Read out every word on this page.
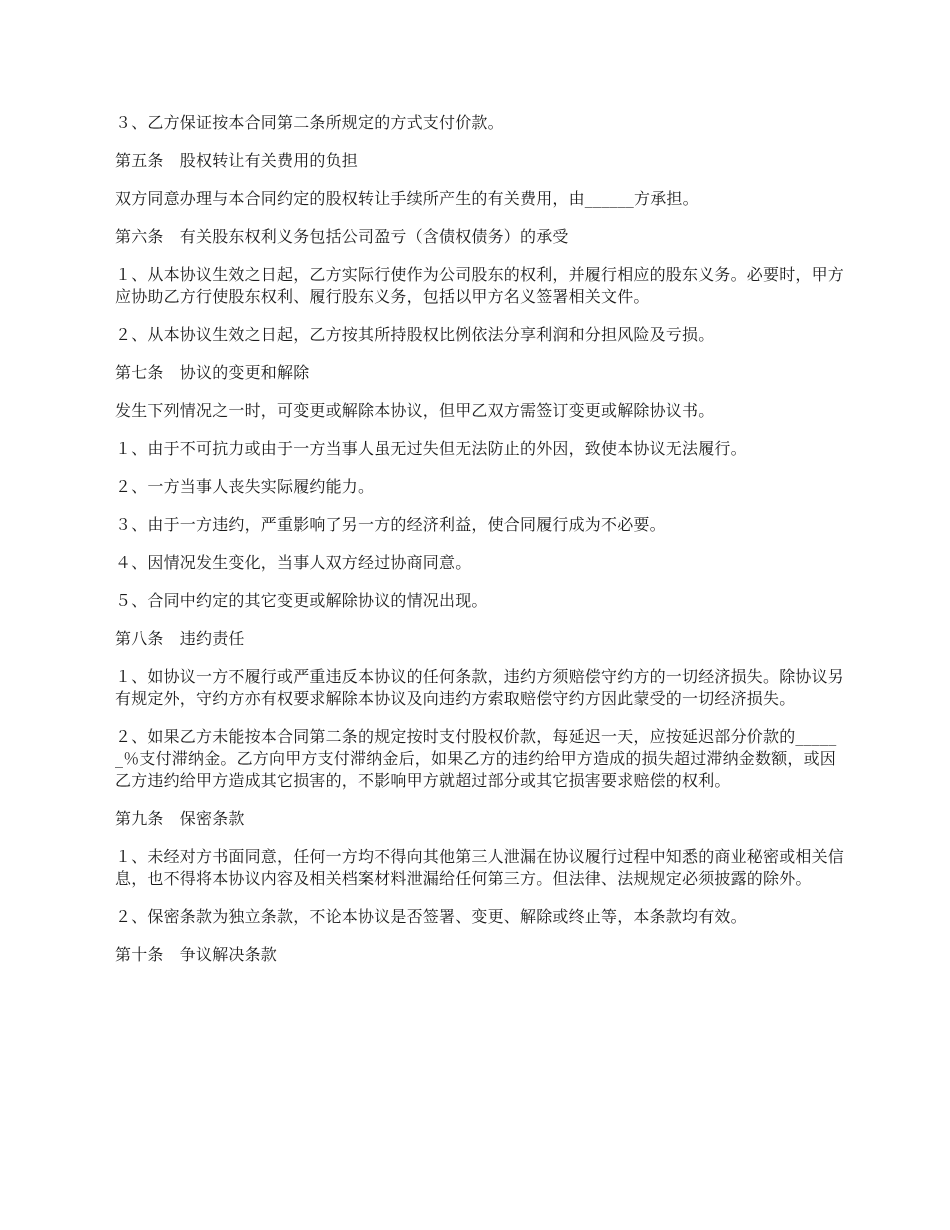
３、乙方保证按本合同第二条所规定的方式支付价款。

第五条　股权转让有关费用的负担

双方同意办理与本合同约定的股权转让手续所产生的有关费用，由______方承担。

第六条　有关股东权利义务包括公司盈亏（含债权债务）的承受

１、从本协议生效之日起，乙方实际行使作为公司股东的权利，并履行相应的股东义务。必要时，甲方应协助乙方行使股东权利、履行股东义务，包括以甲方名义签署相关文件。

２、从本协议生效之日起，乙方按其所持股权比例依法分享利润和分担风险及亏损。

第七条　协议的变更和解除

发生下列情况之一时，可变更或解除本协议，但甲乙双方需签订变更或解除协议书。

１、由于不可抗力或由于一方当事人虽无过失但无法防止的外因，致使本协议无法履行。

２、一方当事人丧失实际履约能力。

３、由于一方违约，严重影响了另一方的经济利益，使合同履行成为不必要。

４、因情况发生变化，当事人双方经过协商同意。

５、合同中约定的其它变更或解除协议的情况出现。

第八条　违约责任

１、如协议一方不履行或严重违反本协议的任何条款，违约方须赔偿守约方的一切经济损失。除协议另有规定外，守约方亦有权要求解除本协议及向违约方索取赔偿守约方因此蒙受的一切经济损失。

２、如果乙方未能按本合同第二条的规定按时支付股权价款，每延迟一天，应按延迟部分价款的______％支付滞纳金。乙方向甲方支付滞纳金后，如果乙方的违约给甲方造成的损失超过滞纳金数额，或因乙方违约给甲方造成其它损害的，不影响甲方就超过部分或其它损害要求赔偿的权利。

第九条　保密条款

１、未经对方书面同意，任何一方均不得向其他第三人泄漏在协议履行过程中知悉的商业秘密或相关信息，也不得将本协议内容及相关档案材料泄漏给任何第三方。但法律、法规规定必须披露的除外。

２、保密条款为独立条款，不论本协议是否签署、变更、解除或终止等，本条款均有效。

第十条　争议解决条款
